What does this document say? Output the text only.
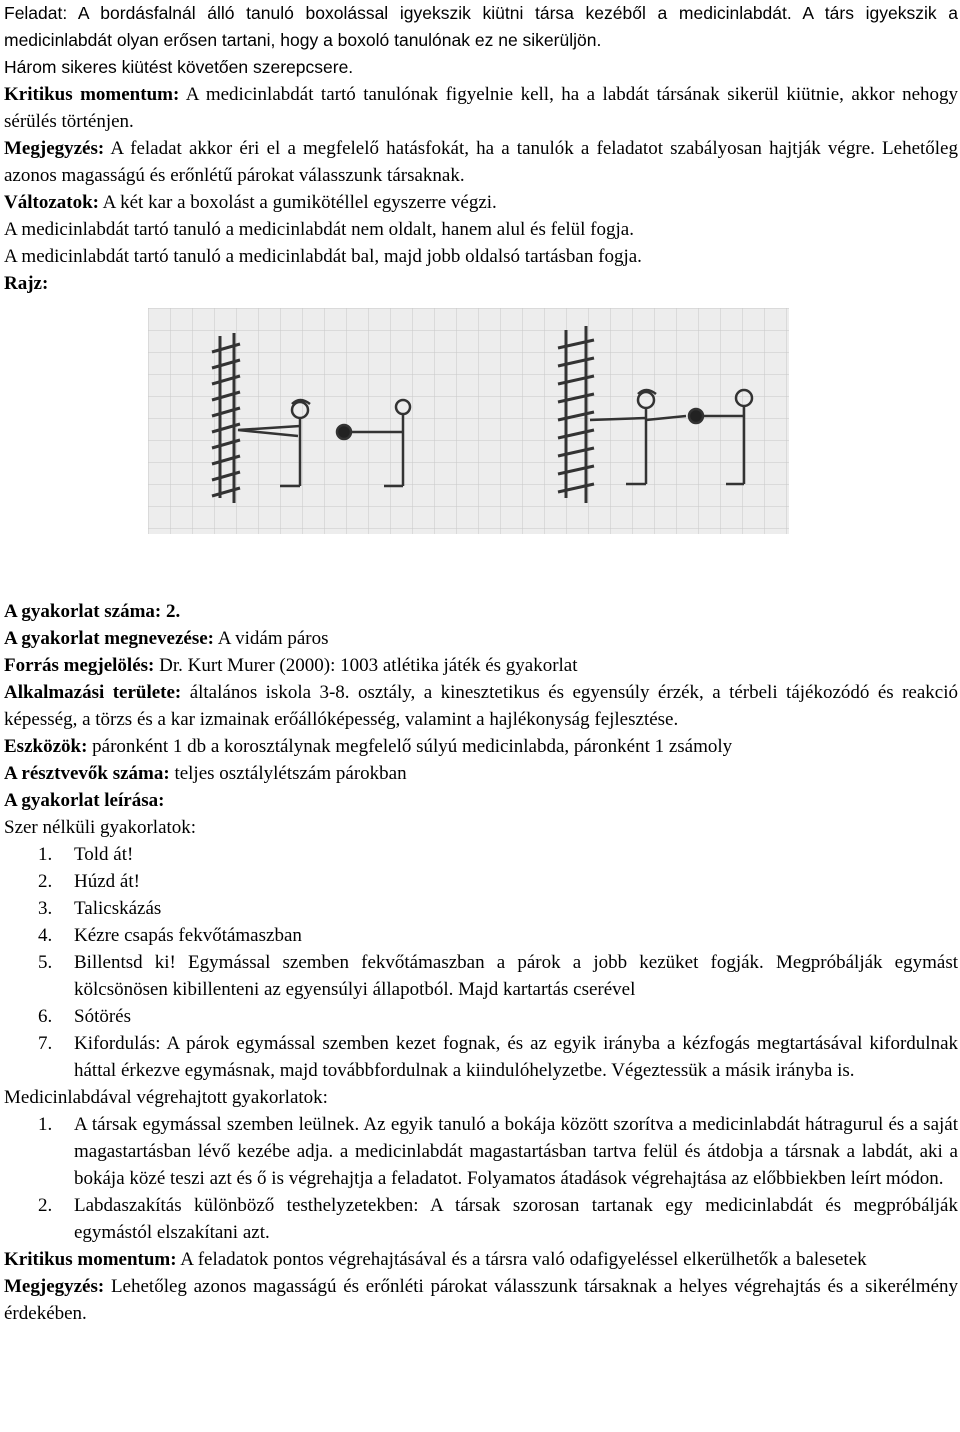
Feladat: A bordásfalnál álló tanuló boxolással igyekszik kiütni társa kezéből a medicinlabdát. A társ igyekszik a medicinlabdát olyan erősen tartani, hogy a boxoló tanulónak ez ne sikerüljön.

Három sikeres kiütést követően szerepcsere.

Kritikus momentum: A medicinlabdát tartó tanulónak figyelnie kell, ha a labdát társának sikerül kiütnie, akkor nehogy sérülés történjen.

Megjegyzés: A feladat akkor éri el a megfelelő hatásfokát, ha a tanulók a feladatot szabályosan hajtják végre. Lehetőleg azonos magasságú és erőnlétű párokat válasszunk társaknak.

Változatok: A két kar a boxolást a gumikötéllel egyszerre végzi.

A medicinlabdát tartó tanuló a medicinlabdát nem oldalt, hanem alul és felül fogja.

A medicinlabdát tartó tanuló a medicinlabdát bal, majd jobb oldalsó tartásban fogja.

Rajz:

A gyakorlat száma: 2.

A gyakorlat megnevezése: A vidám páros

Forrás megjelölés: Dr. Kurt Murer (2000): 1003 atlétika játék és gyakorlat

Alkalmazási területe: általános iskola 3-8. osztály, a kinesztetikus és egyensúly érzék, a térbeli tájékozódó és reakció képesség, a törzs és a kar izmainak erőállóképesség, valamint a hajlékonyság fejlesztése.

Eszközök: páronként 1 db a korosztálynak megfelelő súlyú medicinlabda, páronként 1 zsámoly

A résztvevők száma: teljes osztálylétszám párokban

A gyakorlat leírása:

Szer nélküli gyakorlatok:

1.	Told át!
2.	Húzd át!
3.	Talicskázás
4.	Kézre csapás fekvőtámaszban
5.	Billentsd ki! Egymással szemben fekvőtámaszban a párok a jobb kezüket fogják. Megpróbálják egymást kölcsönösen kibillenteni az egyensúlyi állapotból. Majd kartartás cserével
6.	Sótörés
7.	Kifordulás: A párok egymással szemben kezet fognak, és az egyik irányba a kézfogás megtartásával kifordulnak háttal érkezve egymásnak, majd továbbfordulnak a kiindulóhelyzetbe. Végeztessük a másik irányba is.

Medicinlabdával végrehajtott gyakorlatok:

1.	A társak egymással szemben leülnek. Az egyik tanuló a bokája között szorítva a medicinlabdát hátragurul és a saját magastartásban lévő kezébe adja. a medicinlabdát magastartásban tartva felül és átdobja a társnak a labdát, aki a bokája közé teszi azt és ő is végrehajtja a feladatot. Folyamatos átadások végrehajtása az előbbiekben leírt módon.
2.	Labdaszakítás különböző testhelyzetekben: A társak szorosan tartanak egy medicinlabdát és megpróbálják egymástól elszakítani azt.

Kritikus momentum: A feladatok pontos végrehajtásával és a társra való odafigyeléssel elkerülhetők a balesetek

Megjegyzés: Lehetőleg azonos magasságú és erőnléti párokat válasszunk társaknak a helyes végrehajtás és a sikerélmény érdekében.
